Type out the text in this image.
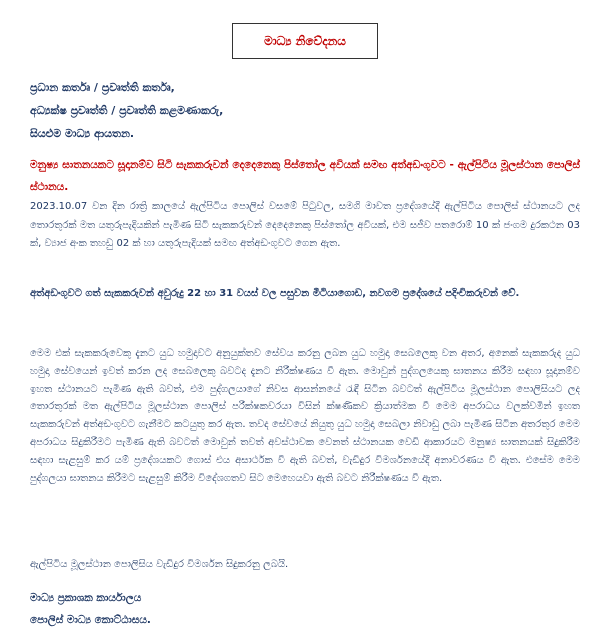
මාධ්‍ය නිවේදනය
ප්‍රධාන කර්තෘ / ප්‍රවෘත්ති කර්තෘ,
අධ්‍යක්ෂ ප්‍රවෘත්ති / ප්‍රවෘත්ති කළමණාකරු,
සියළුම මාධ්‍ය ආයතන.
මනුෂ්‍ය ඝාතනයකට සූදානම්ව සිටි සැකකරුවන් දෙදෙනෙකු පිස්තෝල අවියක් සමඟ අත්අඩංගුවට - ඇල්පිටිය මූලස්ථාන පොලිස් ස්ථානය.
2023.10.07 වන දින රාත්‍රි කාලයේ ඇල්පිටිය පොලිස් වසමේ පිටුවල, සමගි මාවත ප්‍රදේශයේදී ඇල්පිටිය පොලිස් ස්ථානයට ලද තොරතුරක් මත යතුරුපැදියකින් පැමිණ සිටි සැකකරුවන් දෙදෙනෙකු පිස්තෝල අවියක්, එම සජීව පතරොම් 10 ක් ජංගම දුරකථන 03 ක්, ව්‍යාජ අංක තහඩු 02 ක් හා යතුරුපැදියක් සමඟ අත්අඩංගුවට ගෙන ඇත.
අත්අඩංගුවට ගත් සැකකරුවන් අවුරුදු 22 හා 31 වයස් වල පසුවන මීටියාගොඩ, නවගම ප්‍රදේශයේ පදිංචිකරුවන් වේ.
මෙම එක් සැකකරුවෙකු දැනට යුධ හමුදාවට අනුයුක්තව සේවය කරනු ලබන යුධ හමුදා සෙබලෙකු වන අතර, අනෙක් සැකකරුද යුධ හමුදා සේවයෙන් ඉවත් කරන ලද සෙබලෙකු බවටද දැනට නිරීක්ෂණය වී ඇත. මොවුන් පුද්ගලයෙකු ඝාතනය කිරීම සඳහා සූදානම්ව ඉහත ස්ථානයට පැමිණ ඇති බවත්, එම පුද්ගලයාගේ නිවස ආසන්නයේ රැඳී සිටින බවටත් ඇල්පිටිය මූලස්ථාන පොලිසියට ලද තොරතුරක් මත ඇල්පිටිය මූලස්ථාන පොලිස් පරීක්ෂකවරයා විසින් ක්ෂණිකව ක්‍රියාත්මක වී මෙම අපරාධය වලක්වමින් ඉහත සැකකරුවන් අත්අඩංගුවට ගැනීමට කටයුතු කර ඇත. තවද සේවයේ නියුතු යුධ හමුදා සෙබලා නිවාඩු ලබා පැමිණ සිටින අතරතුර මෙම අපරාධය සිදුකිරීමට පැමිණ ඇති බවටත් මොවුන් තවත් අවස්ථාවක වෙනත් ස්ථානයක වෙඩි ආකාරයට මනුෂ්‍ය ඝාතනයක් සිදුකිරීම සඳහා සැළසුම් කර යම් ප්‍රදේශයකට ගොස් එය අසාර්ථක වී ඇති බවත්, වැඩිදුර විමර්ශනයේදී අනාවරණය වී ඇත. එසේම මෙම පුද්ගලයා ඝාතනය කිරීමට සැළසුම් කිරීම විදේශගතව සිට මෙහෙයවා ඇති බවට නිරීක්ෂණය වී ඇත.
ඇල්පිටිය මූලස්ථාන පොලිසිය වැඩිදුර විමර්ශන සිදුකරනු ලබයි.
මාධ්‍ය ප්‍රකාශක කාර්යාලය
පොලිස් මාධ්‍ය කොට්ඨාසය.
